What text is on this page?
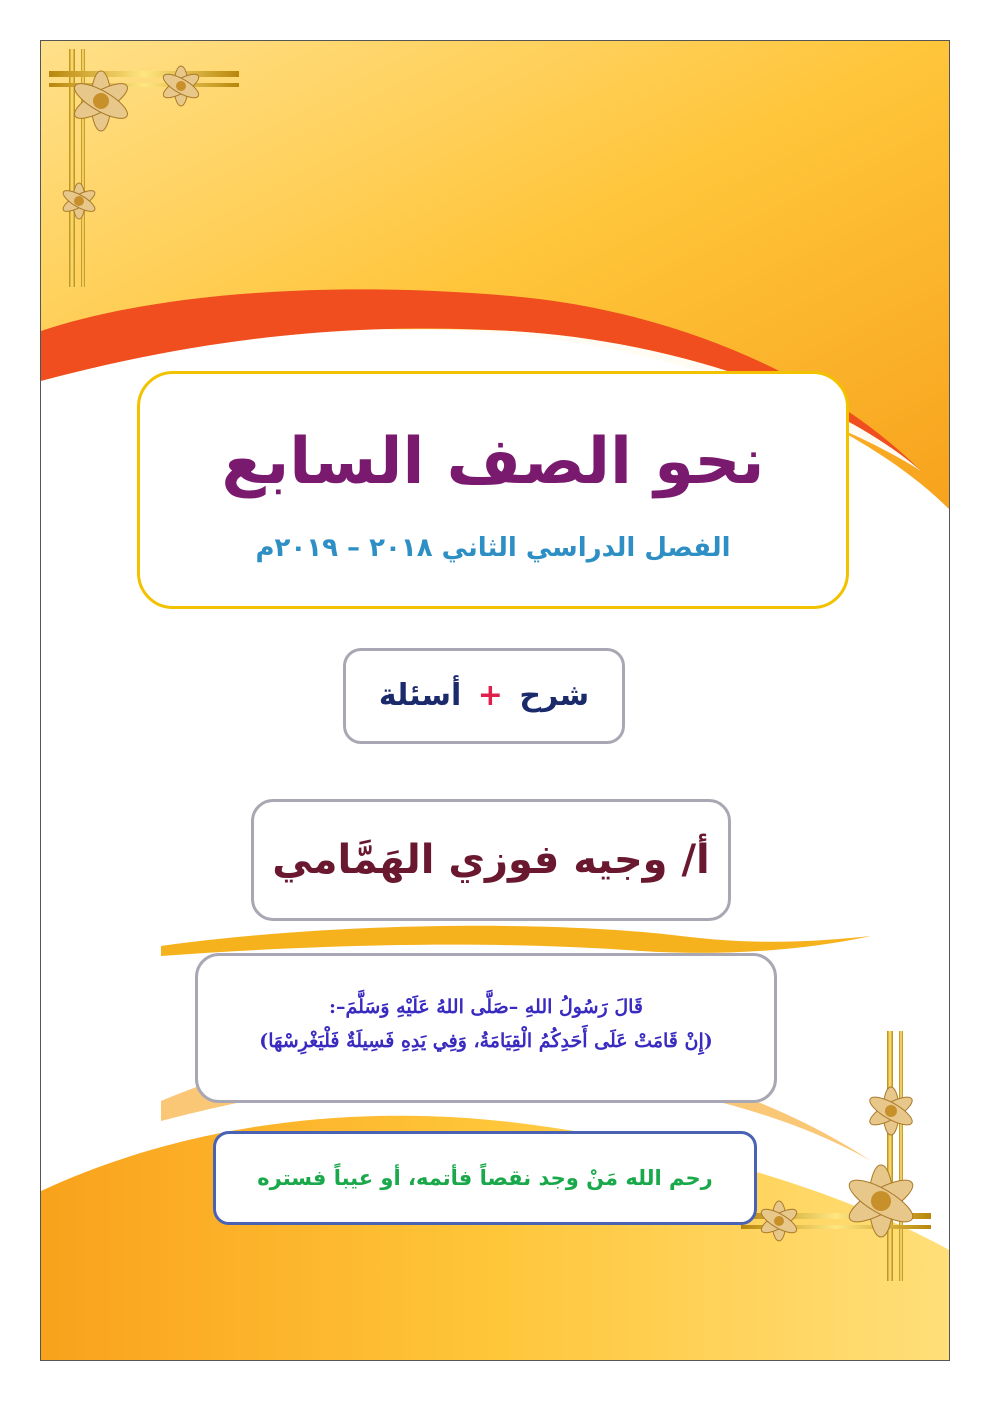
نحو الصف السابع
الفصل الدراسي الثاني ٢٠١٨ – ٢٠١٩م
شرح + أسئلة
أ/ وجيه فوزي الهَمَّامي
قَالَ رَسُولُ اللهِ –صَلَّى اللهُ عَلَيْهِ وَسَلَّمَ–:
(إِنْ قَامَتْ عَلَى أَحَدِكُمُ الْقِيَامَةُ، وَفِي يَدِهِ فَسِيلَةٌ فَلْيَغْرِسْهَا)
رحم الله مَنْ وجد نقصاً فأتمه، أو عيباً فستره
